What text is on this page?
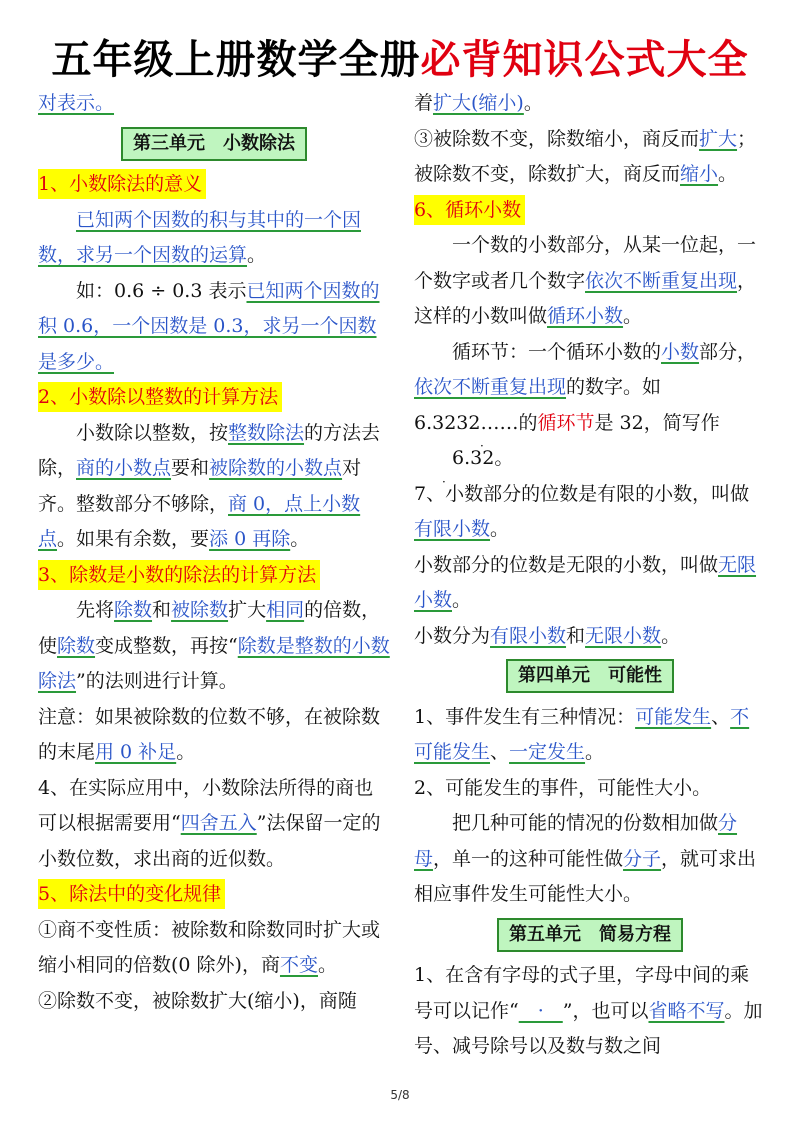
五年级上册数学全册必背知识公式大全

对表示。

第三单元　小数除法

1、小数除法的意义

已知两个因数的积与其中的一个因数，求另一个因数的运算。

如：0.6 ÷ 0.3 表示已知两个因数的积 0.6，一个因数是 0.3，求另一个因数是多少。

2、小数除以整数的计算方法

小数除以整数，按整数除法的方法去除，商的小数点要和被除数的小数点对齐。整数部分不够除，商 0，点上小数点。如果有余数，要添 0 再除。

3、除数是小数的除法的计算方法

先将除数和被除数扩大相同的倍数，使除数变成整数，再按“除数是整数的小数除法”的法则进行计算。

注意：如果被除数的位数不够，在被除数的末尾用 0 补足。

4、在实际应用中，小数除法所得的商也可以根据需要用“四舍五入”法保留一定的小数位数，求出商的近似数。

5、除法中的变化规律

①商不变性质：被除数和除数同时扩大或缩小相同的倍数(0 除外)，商不变。

②除数不变，被除数扩大(缩小)，商随

着扩大(缩小)。

③被除数不变，除数缩小，商反而扩大；被除数不变，除数扩大，商反而缩小。

6、循环小数

一个数的小数部分，从某一位起，一个数字或者几个数字依次不断重复出现，这样的小数叫做循环小数。

循环节：一个循环小数的小数部分，依次不断重复出现的数字。如 6.3232……的循环节是 32，简写作6.32 · ·。

7、小数部分的位数是有限的小数，叫做有限小数。

小数部分的位数是无限的小数，叫做无限小数。

小数分为有限小数和无限小数。

第四单元　可能性

1、事件发生有三种情况：可能发生、不可能发生、一定发生。

2、可能发生的事件，可能性大小。

把几种可能的情况的份数相加做分母，单一的这种可能性做分子，就可求出相应事件发生可能性大小。

第五单元　简易方程

1、在含有字母的式子里，字母中间的乘号可以记作“　·　”，也可以省略不写。加号、减号除号以及数与数之间

5/8
